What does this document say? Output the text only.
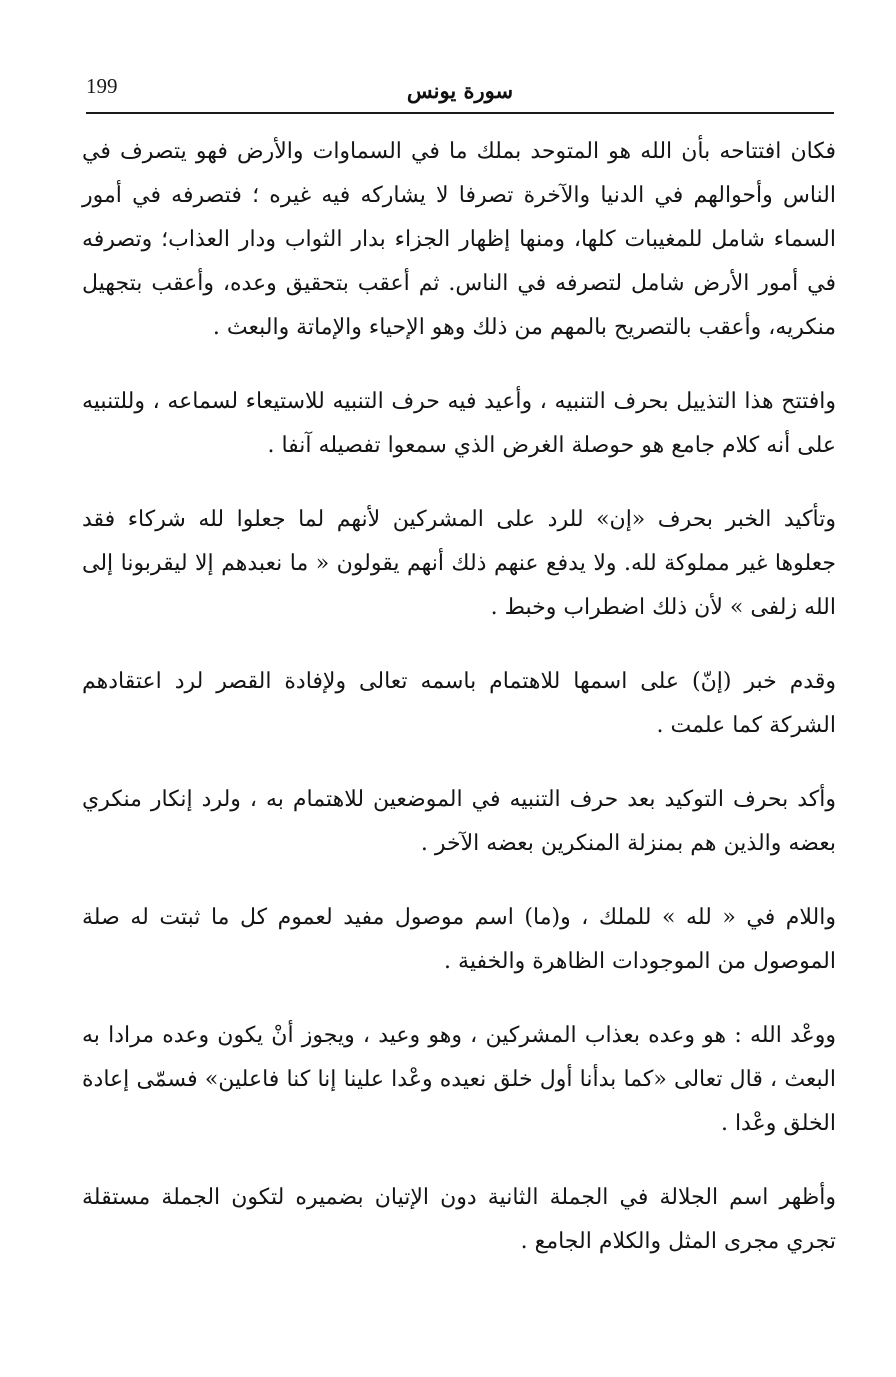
199	سورة يونس

فكان افتتاحه بأن الله هو المتوحد بملك ما في السماوات والأرض فهو يتصرف في الناس وأحوالهم في الدنيا والآخرة تصرفا لا يشاركه فيه غيره ؛ فتصرفه في أمور السماء شامل للمغيبات كلها، ومنها إظهار الجزاء بدار الثواب ودار العذاب؛ وتصرفه في أمور الأرض شامل لتصرفه في الناس. ثم أعقب بتحقيق وعده، وأعقب بتجهيل منكريه، وأعقب بالتصريح بالمهم من ذلك وهو الإحياء والإماتة والبعث .

وافتتح هذا التذييل بحرف التنبيه ، وأعيد فيه حرف التنبيه للاستيعاء لسماعه ، وللتنبيه على أنه كلام جامع هو حوصلة الغرض الذي سمعوا تفصيله آنفا .

وتأكيد الخبر بحرف «إن» للرد على المشركين لأنهم لما جعلوا لله شركاء فقد جعلوها غير مملوكة لله. ولا يدفع عنهم ذلك أنهم يقولون « ما نعبدهم إلا ليقربونا إلى الله زلفى » لأن ذلك اضطراب وخبط .

وقدم خبر (إنّ) على اسمها للاهتمام باسمه تعالى ولإفادة القصر لرد اعتقادهم الشركة كما علمت .

وأكد بحرف التوكيد بعد حرف التنبيه في الموضعين للاهتمام به ، ولرد إنكار منكري بعضه والذين هم بمنزلة المنكرين بعضه الآخر .

واللام في « لله » للملك ، و(ما) اسم موصول مفيد لعموم كل ما ثبتت له صلة الموصول من الموجودات الظاهرة والخفية .

ووعْد الله : هو وعده بعذاب المشركين ، وهو وعيد ، ويجوز أنْ يكون وعده مرادا به البعث ، قال تعالى «كما بدأنا أول خلق نعيده وعْدا علينا إنا كنا فاعلين» فسمّى إعادة الخلق وعْدا .

وأظهر اسم الجلالة في الجملة الثانية دون الإتيان بضميره لتكون الجملة مستقلة تجري مجرى المثل والكلام الجامع .
